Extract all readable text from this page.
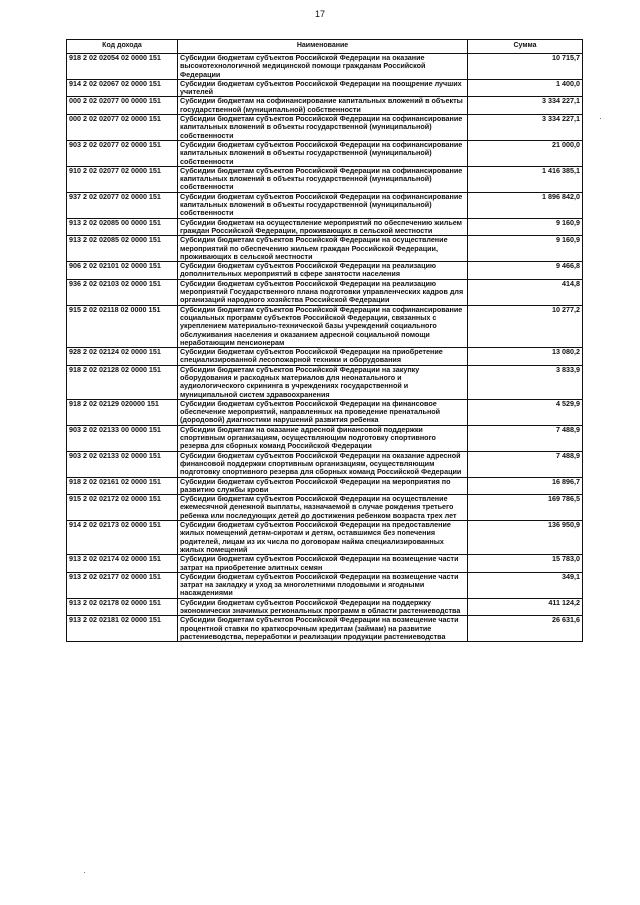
17
Код дохода	Наименование	Сумма
918 2 02 02054 02 0000 151	Субсидии бюджетам субъектов Российской Федерации на оказание высокотехнологичной медицинской помощи гражданам Российской Федерации	10 715,7
914 2 02 02067 02 0000 151	Субсидии бюджетам субъектов Российской Федерации на поощрение лучших учителей	1 400,0
000 2 02 02077 00 0000 151	Субсидии бюджетам на софинансирование капитальных вложений в объекты государственной (муниципальной) собственности	3 334 227,1
000 2 02 02077 02 0000 151	Субсидии бюджетам субъектов Российской Федерации на софинансирование капитальных вложений в объекты государственной (муниципальной) собственности	3 334 227,1
903 2 02 02077 02 0000 151	Субсидии бюджетам субъектов Российской Федерации на софинансирование капитальных вложений в объекты государственной (муниципальной) собственности	21 000,0
910 2 02 02077 02 0000 151	Субсидии бюджетам субъектов Российской Федерации на софинансирование капитальных вложений в объекты государственной (муниципальной) собственности	1 416 385,1
937 2 02 02077 02 0000 151	Субсидии бюджетам субъектов Российской Федерации на софинансирование капитальных вложений в объекты государственной (муниципальной) собственности	1 896 842,0
913 2 02 02085 00 0000 151	Субсидии бюджетам на осуществление мероприятий по обеспечению жильем граждан Российской Федерации, проживающих в сельской местности	9 160,9
913 2 02 02085 02 0000 151	Субсидии бюджетам субъектов Российской Федерации на осуществление мероприятий по обеспечению жильем граждан Российской Федерации, проживающих в сельской местности	9 160,9
906 2 02 02101 02 0000 151	Субсидии бюджетам субъектов Российской Федерации на реализацию дополнительных мероприятий в сфере занятости населения	9 466,8
936 2 02 02103 02 0000 151	Субсидии бюджетам субъектов Российской Федерации на реализацию мероприятий Государственного плана подготовки управленческих кадров для организаций народного хозяйства Российской Федерации	414,8
915 2 02 02118 02 0000 151	Субсидии бюджетам субъектов Российской Федерации на софинансирование социальных программ субъектов Российской Федерации, связанных с укреплением материально-технической базы учреждений социального обслуживания населения и оказанием адресной социальной помощи неработающим пенсионерам	10 277,2
928 2 02 02124 02 0000 151	Субсидии бюджетам субъектов Российской Федерации на приобретение специализированной лесопожарной техники и оборудования	13 080,2
918 2 02 02128 02 0000 151	Субсидии бюджетам субъектов Российской Федерации на закупку оборудования и расходных материалов для неонатального и аудиологического скрининга в учреждениях государственной и муниципальной систем здравоохранения	3 833,9
918 2 02 02129 020000 151	Субсидии бюджетам субъектов Российской Федерации на финансовое обеспечение мероприятий, направленных на проведение пренатальной (дородовой) диагностики нарушений развития ребенка	4 529,9
903 2 02 02133 00 0000 151	Субсидии бюджетам на оказание адресной финансовой поддержки спортивным организациям, осуществляющим подготовку спортивного резерва для сборных команд Российской Федерации	7 488,9
903 2 02 02133 02 0000 151	Субсидии бюджетам субъектов Российской Федерации на оказание адресной финансовой поддержки спортивным организациям, осуществляющим подготовку спортивного резерва для сборных команд Российской Федерации	7 488,9
918 2 02 02161 02 0000 151	Субсидии бюджетам субъектов Российской Федерации на мероприятия по развитию службы крови	16 896,7
915 2 02 02172 02 0000 151	Субсидии бюджетам субъектов Российской Федерации на осуществление ежемесячной денежной выплаты, назначаемой в случае рождения третьего ребенка или последующих детей до достижения ребенком возраста трех лет	169 786,5
914 2 02 02173 02 0000 151	Субсидии бюджетам субъектов Российской Федерации на предоставление жилых помещений детям-сиротам и детям, оставшимся без попечения родителей, лицам из их числа по договорам найма специализированных жилых помещений	136 950,9
913 2 02 02174 02 0000 151	Субсидии бюджетам субъектов Российской Федерации на возмещение части затрат на приобретение элитных семян	15 783,0
913 2 02 02177 02 0000 151	Субсидии бюджетам субъектов Российской Федерации на возмещение части затрат на закладку и уход за многолетними плодовыми и ягодными насаждениями	349,1
913 2 02 02178 02 0000 151	Субсидии бюджетам субъектов Российской Федерации на поддержку экономически значимых региональных программ в области растениеводства	411 124,2
913 2 02 02181 02 0000 151	Субсидии бюджетам субъектов Российской Федерации на возмещение части процентной ставки по краткосрочным кредитам (займам) на развитие растениеводства, переработки и реализации продукции растениеводства	26 631,6
